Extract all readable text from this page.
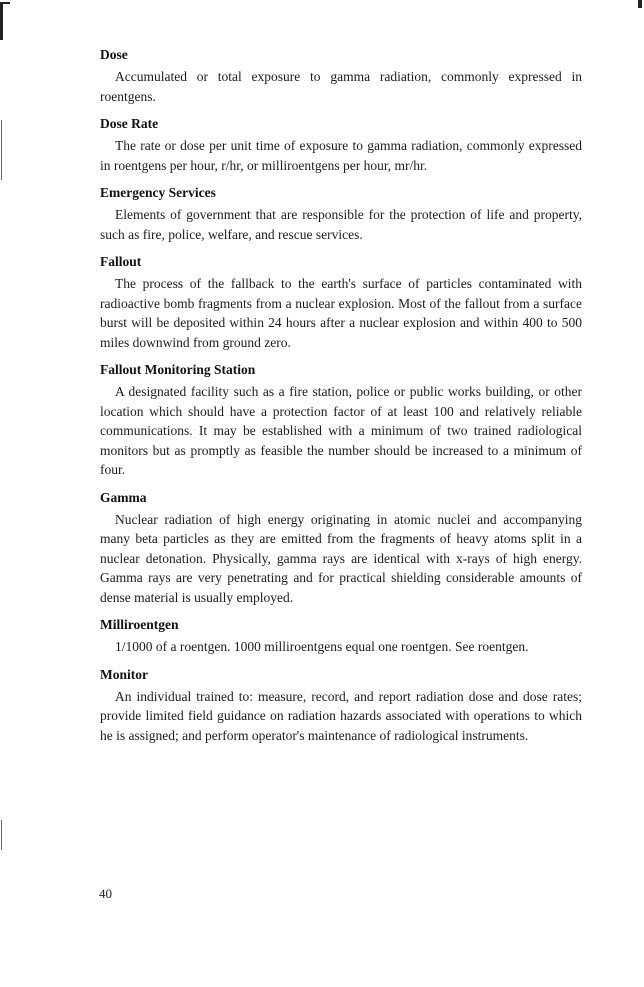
Dose

Accumulated or total exposure to gamma radiation, commonly expressed in roentgens.

Dose Rate

The rate or dose per unit time of exposure to gamma radiation, commonly expressed in roentgens per hour, r/hr, or milliroentgens per hour, mr/hr.

Emergency Services

Elements of government that are responsible for the protection of life and property, such as fire, police, welfare, and rescue services.

Fallout

The process of the fallback to the earth's surface of particles contaminated with radioactive bomb fragments from a nuclear explosion. Most of the fallout from a surface burst will be deposited within 24 hours after a nuclear explosion and within 400 to 500 miles downwind from ground zero.

Fallout Monitoring Station

A designated facility such as a fire station, police or public works building, or other location which should have a protection factor of at least 100 and relatively reliable communications. It may be established with a minimum of two trained radiological monitors but as promptly as feasible the number should be increased to a minimum of four.

Gamma

Nuclear radiation of high energy originating in atomic nuclei and accompanying many beta particles as they are emitted from the fragments of heavy atoms split in a nuclear detonation. Physically, gamma rays are identical with x-rays of high energy. Gamma rays are very penetrating and for practical shielding considerable amounts of dense material is usually employed.

Milliroentgen

1/1000 of a roentgen. 1000 milliroentgens equal one roentgen. See roentgen.

Monitor

An individual trained to: measure, record, and report radiation dose and dose rates; provide limited field guidance on radiation hazards associated with operations to which he is assigned; and perform operator's maintenance of radiological instruments.

40
